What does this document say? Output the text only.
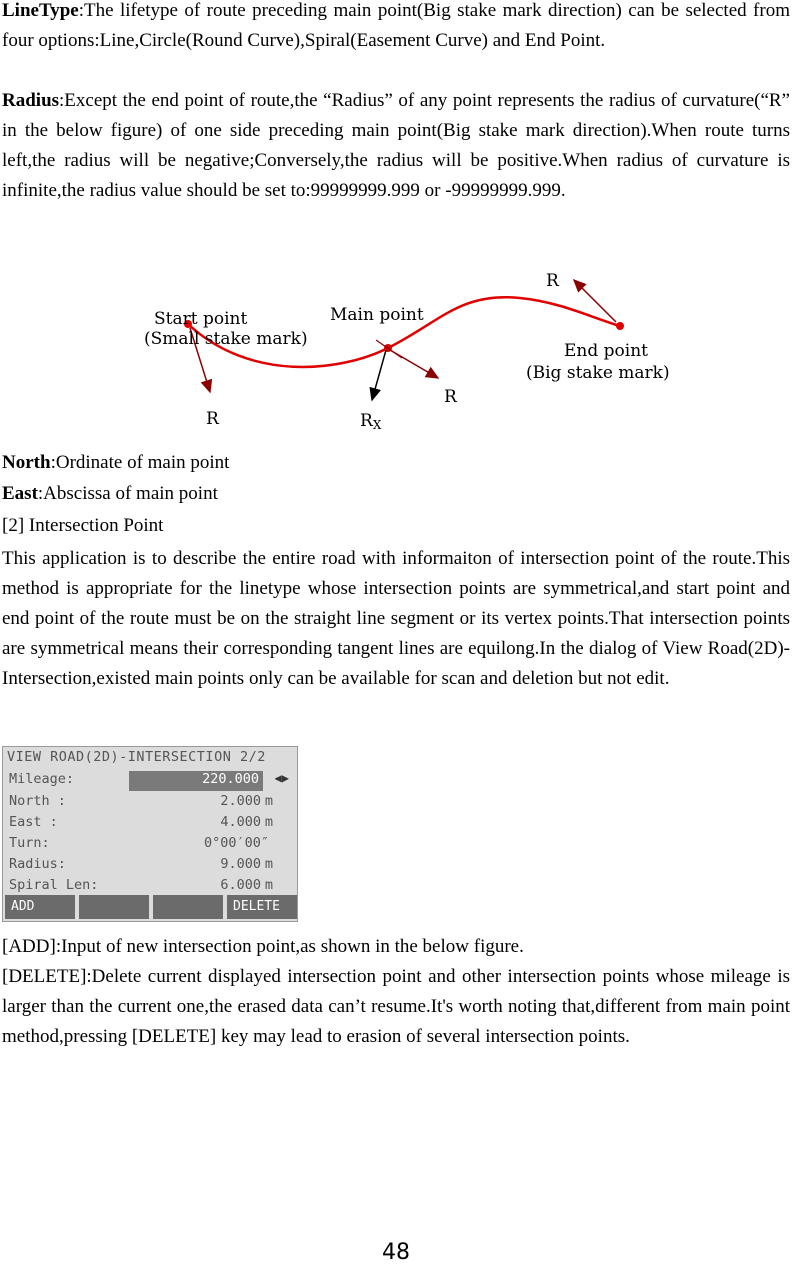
LineType:The lifetype of route preceding main point(Big stake mark direction) can be selected from four options:Line,Circle(Round Curve),Spiral(Easement Curve) and End Point.

Radius:Except the end point of route,the “Radius” of any point represents the radius of curvature(“R” in the below figure) of one side preceding main point(Big stake mark direction).When route turns left,the radius will be negative;Conversely,the radius will be positive.When radius of curvature is infinite,the radius value should be set to:99999999.999 or -99999999.999.

Start point
(Small stake mark)
Main point
End point
(Big stake mark)
R
R
R
RX

North:Ordinate of main point

East:Abscissa of main point

[2] Intersection Point

This application is to describe the entire road with informaiton of intersection point of the route.This method is appropriate for the linetype whose intersection points are symmetrical,and start point and end point of the route must be on the straight line segment or its vertex points.That intersection points are symmetrical means their corresponding tangent lines are equilong.In the dialog of View Road(2D)-Intersection,existed main points only can be available for scan and deletion but not edit.

VIEW ROAD(2D)-INTERSECTION 2/2
Mileage:	220.000 ◀▶
North :	2.000 m
East :	4.000 m
Turn:	0°00′00″
Radius:	9.000 m
Spiral Len:	6.000 m
ADD	DELETE

[ADD]:Input of new intersection point,as shown in the below figure.

[DELETE]:Delete current displayed intersection point and other intersection points whose mileage is larger than the current one,the erased data can’t resume.It's worth noting that,different from main point method,pressing [DELETE] key may lead to erasion of several intersection points.

48
